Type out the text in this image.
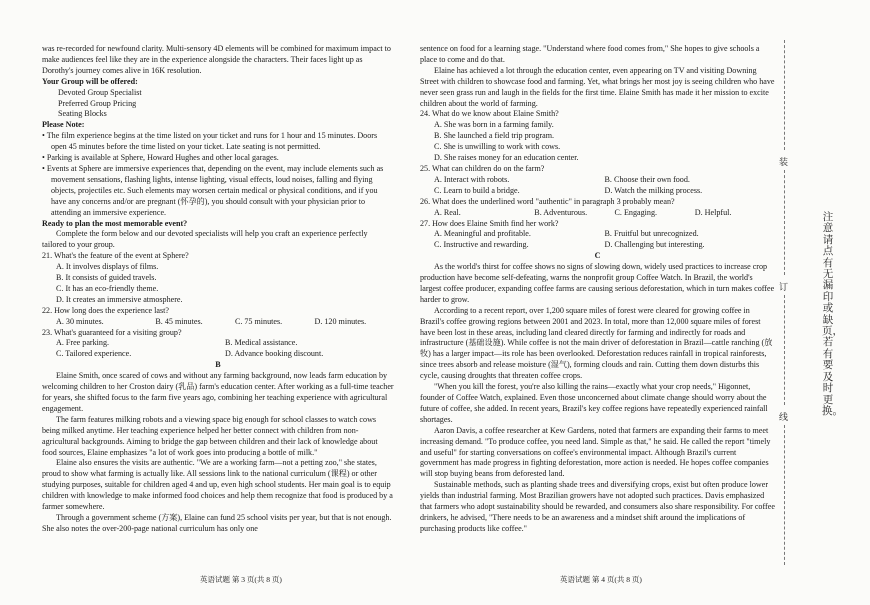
was re-recorded for newfound clarity. Multi-sensory 4D elements will be combined for maximum impact to make audiences feel like they are in the experience alongside the characters. Their faces light up as Dorothy's journey comes alive in 16K resolution.

Your Group will be offered:

Devoted Group Specialist

Preferred Group Pricing

Seating Blocks

Please Note:

• The film experience begins at the time listed on your ticket and runs for 1 hour and 15 minutes. Doors open 45 minutes before the time listed on your ticket. Late seating is not permitted.

• Parking is available at Sphere, Howard Hughes and other local garages.

• Events at Sphere are immersive experiences that, depending on the event, may include elements such as movement sensations, flashing lights, intense lighting, visual effects, loud noises, falling and flying objects, projectiles etc. Such elements may worsen certain medical or physical conditions, and if you have any concerns and/or are pregnant (怀孕的), you should consult with your physician prior to attending an immersive experience.

Ready to plan the most memorable event?

Complete the form below and our devoted specialists will help you craft an experience perfectly tailored to your group.

21. What's the feature of the event at Sphere?

A. It involves displays of films.

B. It consists of guided travels.

C. It has an eco-friendly theme.

D. It creates an immersive atmosphere.

22. How long does the experience last?

A. 30 minutes.	B. 45 minutes.	C. 75 minutes.	D. 120 minutes.

23. What's guaranteed for a visiting group?

A. Free parking.	B. Medical assistance.
C. Tailored experience.	D. Advance booking discount.

B

Elaine Smith, once scared of cows and without any farming background, now leads farm education by welcoming children to her Croston dairy (乳品) farm's education center. After working as a full-time teacher for years, she shifted focus to the farm five years ago, combining her teaching experience with agricultural engagement.

The farm features milking robots and a viewing space big enough for school classes to watch cows being milked anytime. Her teaching experience helped her better connect with children from non-agricultural backgrounds. Aiming to bridge the gap between children and their lack of knowledge about food sources, Elaine emphasizes "a lot of work goes into producing a bottle of milk."

Elaine also ensures the visits are authentic. "We are a working farm—not a petting zoo," she states, proud to show what farming is actually like. All sessions link to the national curriculum (课程) or other studying purposes, suitable for children aged 4 and up, even high school students. Her main goal is to equip children with knowledge to make informed food choices and help them recognize that food is produced by a farmer somewhere.

Through a government scheme (方案), Elaine can fund 25 school visits per year, but that is not enough. She also notes the over-200-page national curriculum has only one

sentence on food for a learning stage. "Understand where food comes from," She hopes to give schools a place to come and do that.

Elaine has achieved a lot through the education center, even appearing on TV and visiting Downing Street with children to showcase food and farming. Yet, what brings her most joy is seeing children who have never seen grass run and laugh in the fields for the first time. Elaine Smith has made it her mission to excite children about the world of farming.

24. What do we know about Elaine Smith?

A. She was born in a farming family.

B. She launched a field trip program.

C. She is unwilling to work with cows.

D. She raises money for an education center.

25. What can children do on the farm?

A. Interact with robots.	B. Choose their own food.
C. Learn to build a bridge.	D. Watch the milking process.

26. What does the underlined word "authentic" in paragraph 3 probably mean?

A. Real.	B. Adventurous.	C. Engaging.	D. Helpful.

27. How does Elaine Smith find her work?

A. Meaningful and profitable.	B. Fruitful but unrecognized.
C. Instructive and rewarding.	D. Challenging but interesting.

C

As the world's thirst for coffee shows no signs of slowing down, widely used practices to increase crop production have become self-defeating, warns the nonprofit group Coffee Watch. In Brazil, the world's largest coffee producer, expanding coffee farms are causing serious deforestation, which in turn makes coffee harder to grow.

According to a recent report, over 1,200 square miles of forest were cleared for growing coffee in Brazil's coffee growing regions between 2001 and 2023. In total, more than 12,000 square miles of forest have been lost in these areas, including land cleared directly for farming and indirectly for roads and infrastructure (基础设施). While coffee is not the main driver of deforestation in Brazil—cattle ranching (放牧) has a larger impact—its role has been overlooked. Deforestation reduces rainfall in tropical rainforests, since trees absorb and release moisture (湿气), forming clouds and rain. Cutting them down disturbs this cycle, causing droughts that threaten coffee crops.

"When you kill the forest, you're also killing the rains—exactly what your crop needs," Higonnet, founder of Coffee Watch, explained. Even those unconcerned about climate change should worry about the future of coffee, she added. In recent years, Brazil's key coffee regions have repeatedly experienced rainfall shortages.

Aaron Davis, a coffee researcher at Kew Gardens, noted that farmers are expanding their farms to meet increasing demand. "To produce coffee, you need land. Simple as that," he said. He called the report "timely and useful" for starting conversations on coffee's environmental impact. Although Brazil's current government has made progress in fighting deforestation, more action is needed. He hopes coffee companies will stop buying beans from deforested land.

Sustainable methods, such as planting shade trees and diversifying crops, exist but often produce lower yields than industrial farming. Most Brazilian growers have not adopted such practices. Davis emphasized that farmers who adopt sustainability should be rewarded, and consumers also share responsibility. For coffee drinkers, he advised, "There needs to be an awareness and a mindset shift around the implications of purchasing products like coffee."

英语试题 第 3 页(共 8 页)	英语试题 第 4 页(共 8 页)
装
订
线
注意请点有无漏印或缺页，若有要及时更换。
